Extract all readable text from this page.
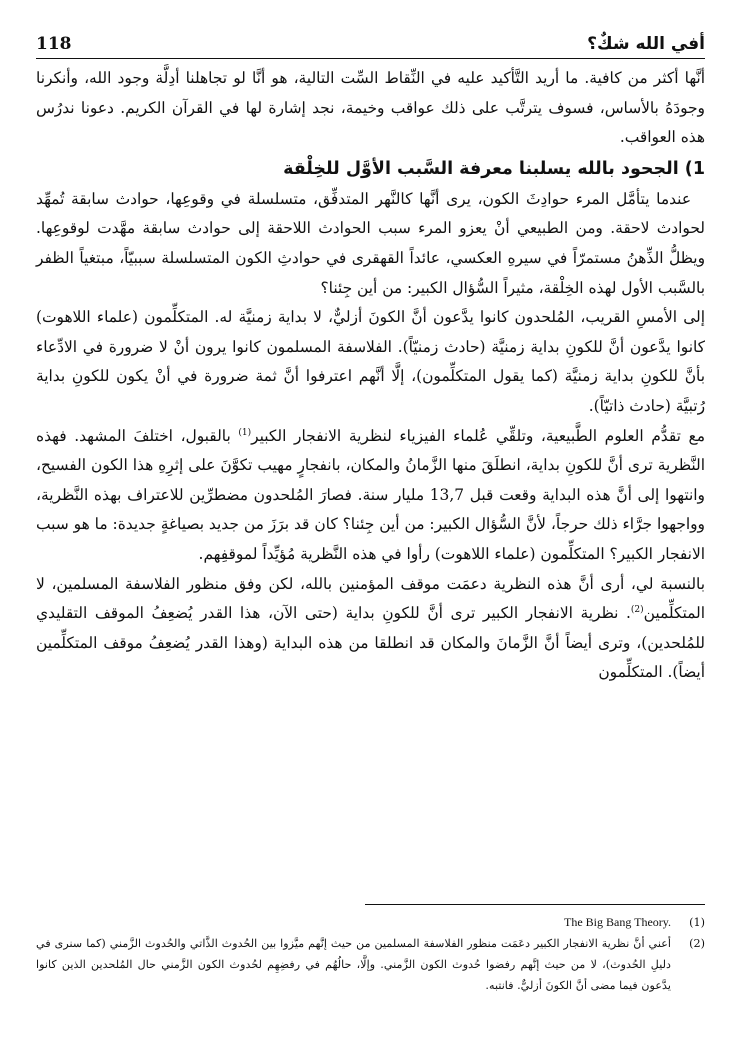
118	أفي الله شكٌ؟

أنَّها أكثر من كافية. ما أريد التَّأكيد عليه في النِّقاط السِّت التالية، هو أنَّا لو تجاهلنا أدِلَّة وجود الله، وأنكرنا وجودَهُ بالأساس، فسوف يترتَّب على ذلك عواقب وخيمة، نجد إشارة لها في القرآن الكريم. دعونا ندرُس هذه العواقب.

1) الجحود بالله يسلبنا معرفة السَّبب الأوَّل للخِلْقة

عندما يتأمَّل المرء حوادِثَ الكون، يرى أنَّها كالنَّهر المتدفِّق، متسلسلة في وقوعِها، حوادث سابقة تُمهِّد لحوادث لاحقة. ومن الطبيعي أنْ يعزو المرء سبب الحوادث اللاحقة إلى حوادث سابقة مهَّدت لوقوعِها. ويظلُّ الذِّهنُ مستمرّاً في سيرهِ العكسي، عائداً القهقرى في حوادثِ الكون المتسلسلة سببيّاً، مبتغياً الظفر بالسَّبب الأول لهذه الخِلْقة، مثيراً السُّؤال الكبير: من أين جِئنا؟

إلى الأمسِ القريب، المُلحدون كانوا يدَّعون أنَّ الكونَ أزليٌّ، لا بداية زمنيَّة له. المتكلِّمون (علماء اللاهوت) كانوا يدَّعون أنَّ للكونِ بداية زمنيَّة (حادث زمنيّاً). الفلاسفة المسلمون كانوا يرون أنْ لا ضرورة في الادِّعاء بأنَّ للكونِ بداية زمنيَّة (كما يقول المتكلِّمون)، إلَّا أنَّهم اعترفوا أنَّ ثمة ضرورة في أنْ يكون للكونِ بداية رُتبيَّة (حادث ذاتيّاً).

مع تقدُّم العلوم الطَّبيعية، وتلقِّي عُلماء الفيزياء لنظرية الانفجار الكبير$^{(1)}$ بالقبول، اختلفَ المشهد. فهذه النَّظرية ترى أنَّ للكونِ بداية، انطلَقَ منها الزَّمانُ والمكان، بانفجارٍ مهيب تكوَّنَ على إثرِهِ هذا الكون الفسيح، وانتهوا إلى أنَّ هذه البداية وقعت قبل 13,7 مليار سنة. فصارَ المُلحدون مضطرِّين للاعتراف بهذه النَّظرية، وواجهوا جرَّاء ذلك حرجاً، لأنَّ السُّؤال الكبير: من أين جِئنا؟ كان قد برَزَ من جديد بصياغةٍ جديدة: ما هو سبب الانفجار الكبير؟ المتكلِّمون (علماء اللاهوت) رأوا في هذه النَّظرية مُؤيِّداً لموقفِهم.

بالنسبة لي، أرى أنَّ هذه النظرية دعمَت موقف المؤمنين بالله، لكن وفق منظور الفلاسفة المسلمين، لا المتكلِّمين$^{(2)}$. نظرية الانفجار الكبير ترى أنَّ للكونِ بداية (حتى الآن، هذا القدر يُضعِفُ الموقف التقليدي للمُلحدين)، وترى أيضاً أنَّ الزَّمانَ والمكان قد انطلقا من هذه البداية (وهذا القدر يُضعِفُ موقف المتكلِّمين أيضاً). المتكلِّمون

(1)
The Big Bang Theory.
(2)
أعني أنَّ نظرية الانفجار الكبير دعَمَت منظور الفلاسفة المسلمين من حيث إنَّهم ميَّزوا بين الحُدوث الذَّاتي والحُدوث الزَّمني (كما سنرى في دليلِ الحُدوث)، لا من حيث إنَّهم رفضوا حُدوث الكون الزَّمني. وإلَّا، حالُهُم في رفضِهِم لحُدوث الكون الزَّمني حال المُلحدين الذين كانوا يدَّعون فيما مضى أنَّ الكونَ أزليٌّ. فانتبه.
